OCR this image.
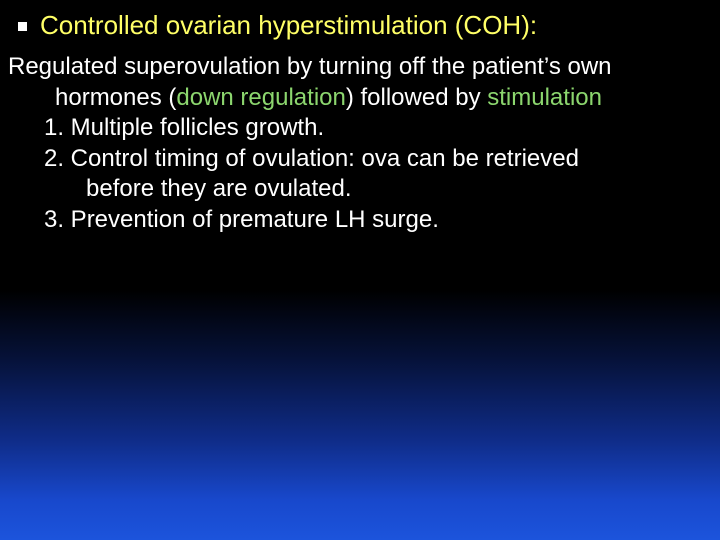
Controlled ovarian hyperstimulation (COH):
Regulated superovulation by turning off the patient’s own
hormones (down regulation) followed by stimulation
1. Multiple follicles growth.
2. Control timing of ovulation: ova can be retrieved
before they are ovulated.
3. Prevention of premature LH surge.
